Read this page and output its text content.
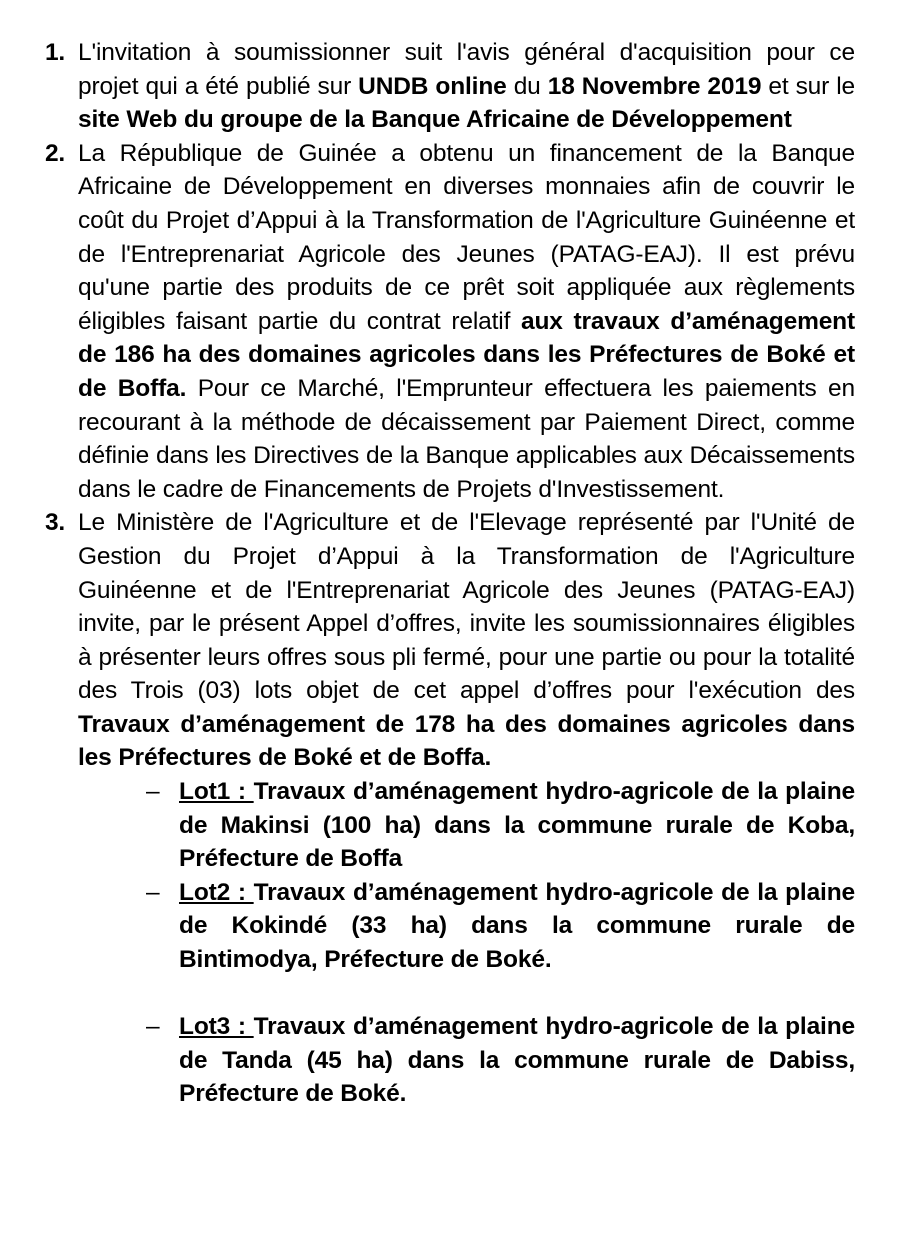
1. L'invitation à soumissionner suit l'avis général d'acquisition pour ce projet qui a été publié sur UNDB online du 18 Novembre 2019 et sur le site Web du groupe de la Banque Africaine de Développement
2. La République de Guinée a obtenu un financement de la Banque Africaine de Développement en diverses monnaies afin de couvrir le coût du Projet d’Appui à la Transformation de l'Agriculture Guinéenne et de l'Entreprenariat Agricole des Jeunes (PATAG-EAJ). Il est prévu qu'une partie des produits de ce prêt soit appliquée aux règlements éligibles faisant partie du contrat relatif aux travaux d’aménagement de 186 ha des domaines agricoles dans les Préfectures de Boké et de Boffa. Pour ce Marché, l'Emprunteur effectuera les paiements en recourant à la méthode de décaissement par Paiement Direct, comme définie dans les Directives de la Banque applicables aux Décaissements dans le cadre de Financements de Projets d'Investissement.
3. Le Ministère de l'Agriculture et de l'Elevage représenté par l'Unité de Gestion du Projet d’Appui à la Transformation de l'Agriculture Guinéenne et de l'Entreprenariat Agricole des Jeunes (PATAG-EAJ) invite, par le présent Appel d’offres, invite les soumissionnaires éligibles à présenter leurs offres sous pli fermé, pour une partie ou pour la totalité des Trois (03) lots objet de cet appel d’offres pour l'exécution des Travaux d’aménagement de 178 ha des domaines agricoles dans les Préfectures de Boké et de Boffa.
– Lot1 : Travaux d’aménagement hydro-agricole de la plaine de Makinsi (100 ha) dans la commune rurale de Koba, Préfecture de Boffa
– Lot2 : Travaux d’aménagement hydro-agricole de la plaine de Kokindé (33 ha) dans la commune rurale de Bintimodya, Préfecture de Boké.
– Lot3 : Travaux d’aménagement hydro-agricole de la plaine de Tanda (45 ha) dans la commune rurale de Dabiss, Préfecture de Boké.
